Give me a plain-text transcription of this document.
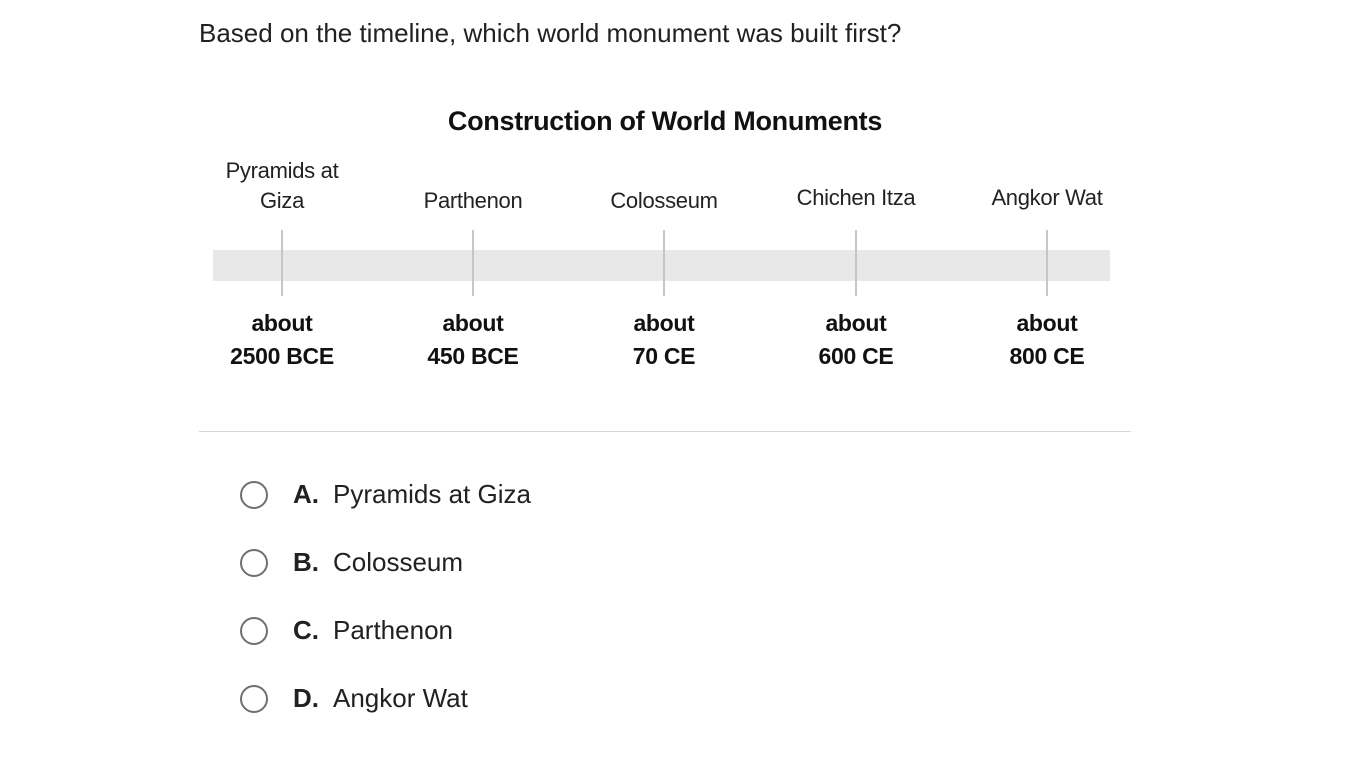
Based on the timeline, which world monument was built first?
Construction of World Monuments
Pyramids at
Giza
about
2500 BCE
Parthenon
about
450 BCE
Colosseum
about
70 CE
Chichen Itza
about
600 CE
Angkor Wat
about
800 CE
A. Pyramids at Giza
B. Colosseum
C. Parthenon
D. Angkor Wat
